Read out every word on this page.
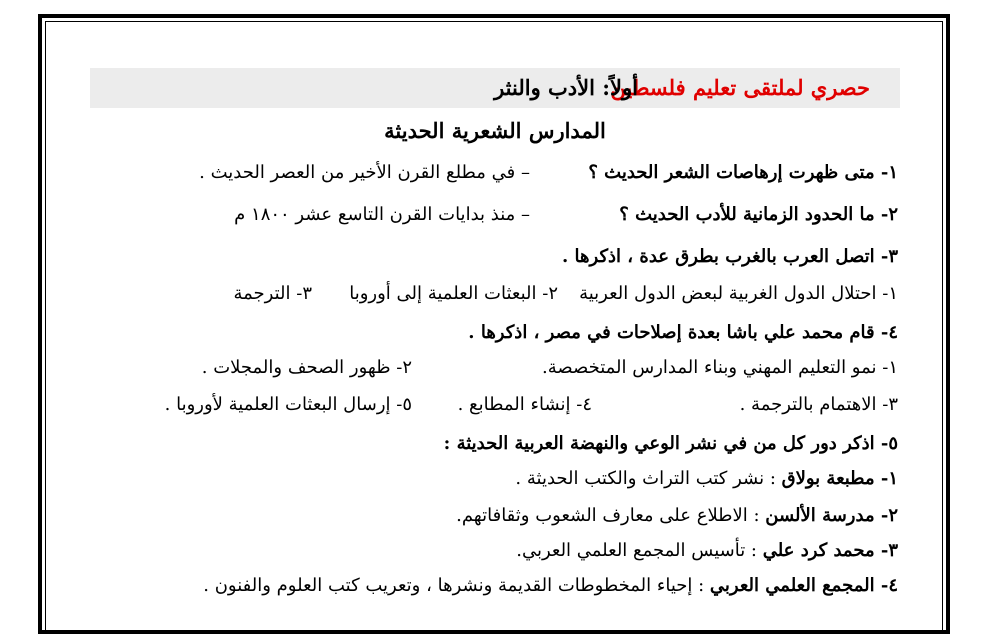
حصري لملتقى تعليم فلسطين
أولاً: الأدب والنثر
المدارس الشعرية الحديثة
١- متى ظهرت إرهاصات الشعر الحديث ؟
– في مطلع القرن الأخير من العصر الحديث .
٢- ما الحدود الزمانية للأدب الحديث ؟
– منذ بدايات القرن التاسع عشر ١٨٠٠ م
٣- اتصل العرب بالغرب بطرق عدة ، اذكرها .
١- احتلال الدول الغربية لبعض الدول العربية
٢- البعثات العلمية إلى أوروبا
٣- الترجمة
٤- قام محمد علي باشا بعدة إصلاحات في مصر ، اذكرها .
١- نمو التعليم المهني وبناء المدارس المتخصصة.
٢- ظهور الصحف والمجلات .
٣- الاهتمام بالترجمة .
٤- إنشاء المطابع .
٥- إرسال البعثات العلمية لأوروبا .
٥- اذكر دور كل من في نشر الوعي والنهضة العربية الحديثة :
١- مطبعة بولاق : نشر كتب التراث والكتب الحديثة .
٢- مدرسة الألسن : الاطلاع على معارف الشعوب وثقافاتهم.
٣- محمد كرد علي : تأسيس المجمع العلمي العربي.
٤- المجمع العلمي العربي : إحياء المخطوطات القديمة ونشرها ، وتعريب كتب العلوم والفنون .
